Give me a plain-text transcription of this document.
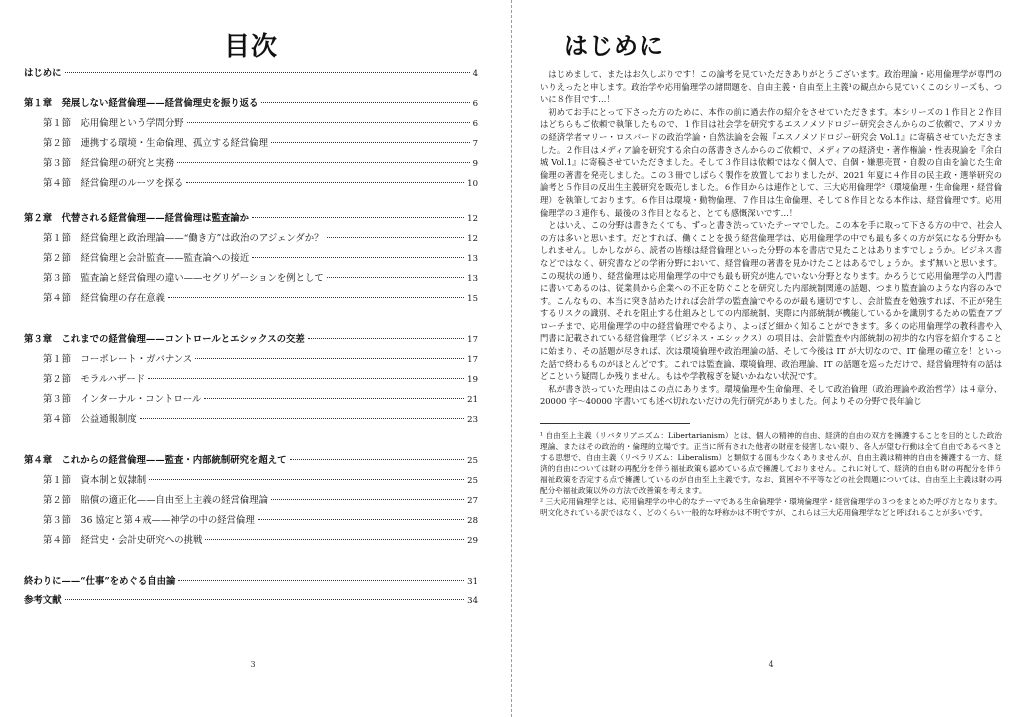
目次
はじめに	4
第１章　発展しない経営倫理——経営倫理史を振り返る	6
第１節　応用倫理という学問分野	6
第２節　連携する環境・生命倫理、孤立する経営倫理	7
第３節　経営倫理の研究と実務	9
第４節　経営倫理のルーツを探る	10
第２章　代替される経営倫理——経営倫理は監査論か	12
第１節　経営倫理と政治理論——“働き方”は政治のアジェンダか？	12
第２節　経営倫理と会計監査——監査論への接近	13
第３節　監査論と経営倫理の違い——セグリゲーションを例として	13
第４節　経営倫理の存在意義	15
第３章　これまでの経営倫理——コントロールとエシックスの交差	17
第１節　コーポレート・ガバナンス	17
第２節　モラルハザード	19
第３節　インターナル・コントロール	21
第４節　公益通報制度	23
第４章　これからの経営倫理——監査・内部統制研究を超えて	25
第１節　資本制と奴隷制	25
第２節　賠償の適正化——自由至上主義の経営倫理論	27
第３節　36 協定と第４戒——神学の中の経営倫理	28
第４節　経営史・会計史研究への挑戦	29
終わりに——“仕事”をめぐる自由論	31
参考文献	34
3
はじめに

はじめまして、またはお久しぶりです！この論考を見ていただきありがとうございます。政治理論・応用倫理学が専門のいりえったと申します。政治学や応用倫理学の諸問題を、自由主義・自由至上主義¹の観点から見ていくこのシリーズも、ついに８作目です…！

初めてお手にとって下さった方のために、本作の前に過去作の紹介をさせていただきます。本シリーズの１作目と２作目はどちらもご依頼で執筆したもので、１作目は社会学を研究するエスノメソドロジー研究会さんからのご依頼で、アメリカの経済学者マリー・ロスバードの政治学論・自然法論を会報『エスノメソドロジー研究会 Vol.1』に寄稿させていただきました。２作目はメディア論を研究する余白の落書きさんからのご依頼で、メディアの経済史・著作権論・性表現論を『余白城 Vol.1』に寄稿させていただきました。そして３作目は依頼ではなく個人で、自個・嫌悪売買・自殺の自由を論じた生命倫理の著書を発売しました。この３冊でしばらく製作を放置しておりましたが、2021 年夏に４作目の民主政・選挙研究の論考と５作目の反出生主義研究を販売しました。６作目からは連作として、三大応用倫理学²（環境倫理・生命倫理・経営倫理）を執筆しております。６作目は環境・動物倫理、７作目は生命倫理、そして８作目となる本作は、経営倫理です。応用倫理学の３連作も、最後の３作目となると、とても感慨深いです…！

とはいえ、この分野は書きたくても、ずっと書き渋っていたテーマでした。この本を手に取って下さる方の中で、社会人の方は多いと思います。だとすれば、働くことを扱う経営倫理学は、応用倫理学の中でも最も多くの方が気になる分野かもしれません。しかしながら、読者の皆様は経営倫理といった分野の本を書店で見たことはありますでしょうか。ビジネス書などではなく、研究書などの学術分野において、経営倫理の著書を見かけたことはあるでしょうか。まず無いと思います。この現状の通り、経営倫理は応用倫理学の中でも最も研究が進んでいない分野となります。かろうじて応用倫理学の入門書に書いてあるのは、従業員から企業への不正を防ぐことを研究した内部統制関連の話題、つまり監査論のような内容のみです。こんなもの、本当に突き詰めたければ会計学の監査論でやるのが最も適切ですし、会計監査を勉強すれば、不正が発生するリスクの識別、それを阻止する仕組みとしての内部統制、実際に内部統制が機能しているかを識別するための監査アプローチまで、応用倫理学の中の経営倫理でやるより、よっぽど細かく知ることができます。多くの応用倫理学の教科書や入門書に記載されている経営倫理学（ビジネス・エシックス）の項目は、会計監査や内部統制の初歩的な内容を紹介することに始まり、その話題が尽きれば、次は環境倫理や政治理論の話、そして今後は IT が大切なので、IT 倫理の確立を！といった話で終わるものがほとんどです。これでは監査論、環境倫理、政治理論、IT の話題を巡っただけで、経営倫理特有の話はどこという疑問しか残りません。もはや学教稼ぎを疑いかねない状況です。

私が書き渋っていた理由はこの点にあります。環境倫理や生命倫理、そして政治倫理（政治理論や政治哲学）は４章分、20000 字〜40000 字書いても述べ切れないだけの先行研究がありました。何よりその分野で長年論じ

¹ 自由至上主義（リバタリアニズム：Libertarianism）とは、個人の精神的自由、経済的自由の双方を擁護することを目的とした政治理論、またはその政治的・倫理的立場です。正当に所有された他者の財産を侵害しない限り、各人が望む行動は全て自由であるべきとする思想で、自由主義（リベラリズム：Liberalism）と類似する面も少なくありませんが、自由主義は精神的自由を擁護する一方、経済的自由については財の再配分を伴う福祉政策も認めている点で擁護しておりません。これに対して、経済的自由も財の再配分を伴う福祉政策を否定する点で擁護しているのが自由至上主義です。なお、貧困や不平等などの社会問題については、自由至上主義は財の再配分や福祉政策以外の方法で改善策を考えます。

² 三大応用倫理学とは、応用倫理学の中心的なテーマである生命倫理学・環境倫理学・経営倫理学の３つをまとめた呼び方となります。明文化されている訳ではなく、どのくらい一般的な呼称かは不明ですが、これらは三大応用倫理学などと呼ばれることが多いです。

4
